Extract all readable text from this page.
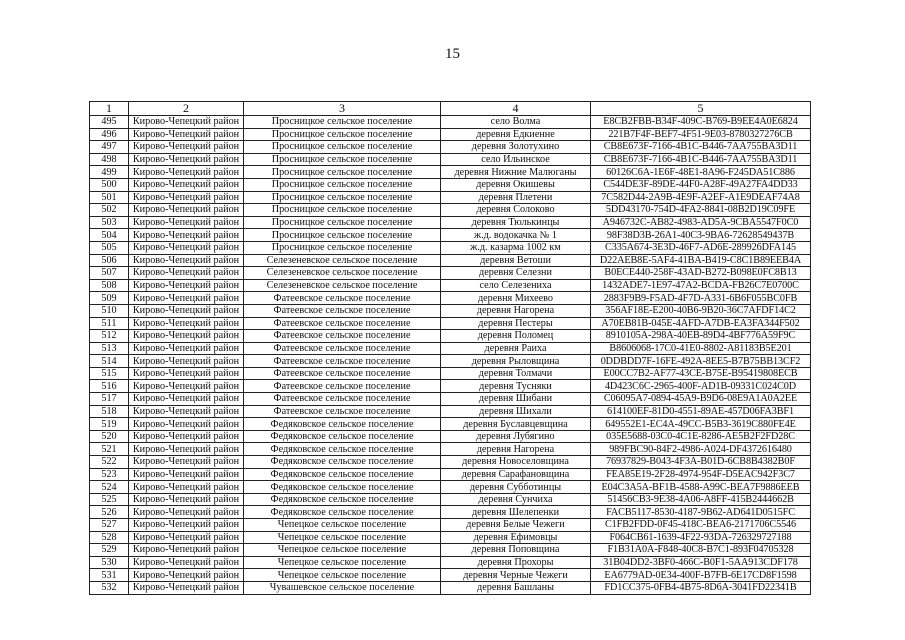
15
1	2	3	4	5
495	Кирово-Чепецкий район	Просницкое сельское поселение	село Волма	E8CB2FBB-B34F-409C-B769-B9EE4A0E6824
496	Кирово-Чепецкий район	Просницкое сельское поселение	деревня Едкиенне	221B7F4F-BEF7-4F51-9E03-8780327276CB
497	Кирово-Чепецкий район	Просницкое сельское поселение	деревня Золотухино	CB8E673F-7166-4B1C-B446-7AA755BA3D11
498	Кирово-Чепецкий район	Просницкое сельское поселение	село Ильинское	CB8E673F-7166-4B1C-B446-7AA755BA3D11
499	Кирово-Чепецкий район	Просницкое сельское поселение	деревня Нижние Малюганы	60126C6A-1E6F-48E1-8A96-F245DA51C886
500	Кирово-Чепецкий район	Просницкое сельское поселение	деревня Окишевы	C544DE3F-89DE-44F0-A28F-49A27FA4DD33
501	Кирово-Чепецкий район	Просницкое сельское поселение	деревня Плетени	7C582D44-2A9B-4E9F-A2EF-A1E9DEAF74A8
502	Кирово-Чепецкий район	Просницкое сельское поселение	деревня Солоково	5DD43170-754D-4FA2-8841-08B2D19C09FE
503	Кирово-Чепецкий район	Просницкое сельское поселение	деревня Тюлькинцы	A946732C-AB82-4983-AD5A-9CBA5547F0C0
504	Кирово-Чепецкий район	Просницкое сельское поселение	ж.д. водокачка № 1	98F38D3B-26A1-40C3-9BA6-72628549437B
505	Кирово-Чепецкий район	Просницкое сельское поселение	ж.д. казарма 1002 км	C335A674-3E3D-46F7-AD6E-289926DFA145
506	Кирово-Чепецкий район	Селезеневское сельское поселение	деревня Ветоши	D22AEB8E-5AF4-41BA-B419-C8C1B89EEB4A
507	Кирово-Чепецкий район	Селезеневское сельское поселение	деревня Селезни	B0ECE440-258F-43AD-B272-B098E0FC8B13
508	Кирово-Чепецкий район	Селезеневское сельское поселение	село Селезениха	1432ADE7-1E97-47A2-BCDA-FB26C7E0700C
509	Кирово-Чепецкий район	Фатеевское сельское поселение	деревня Михеево	2883F9B9-F5AD-4F7D-A331-6B6F055BC0FB
510	Кирово-Чепецкий район	Фатеевское сельское поселение	деревня Нагорена	356AF18E-E200-40B6-9B20-36C7AFDF14C2
511	Кирово-Чепецкий район	Фатеевское сельское поселение	деревня Пестеры	A70EB81B-045E-4AFD-A7DB-EA3FA344F502
512	Кирово-Чепецкий район	Фатеевское сельское поселение	деревня Поломец	8910105A-298A-40EB-89D4-4BF776A59F9C
513	Кирово-Чепецкий район	Фатеевское сельское поселение	деревня Раиха	B8606068-17C0-41E0-8802-A81183B5E201
514	Кирово-Чепецкий район	Фатеевское сельское поселение	деревня Рыловщина	0DDBDD7F-16FE-492A-8EE5-B7B75BB13CF2
515	Кирово-Чепецкий район	Фатеевское сельское поселение	деревня Толмачи	E00CC7B2-AF77-43CE-B75E-B95419808ECB
516	Кирово-Чепецкий район	Фатеевское сельское поселение	деревня Тусняки	4D423C6C-2965-400F-AD1B-09331C024C0D
517	Кирово-Чепецкий район	Фатеевское сельское поселение	деревня Шибани	C06095A7-0894-45A9-B9D6-08E9A1A0A2EE
518	Кирово-Чепецкий район	Фатеевское сельское поселение	деревня Шихали	614100EF-81D0-4551-89AE-457D06FA3BF1
519	Кирово-Чепецкий район	Федяковское сельское поселение	деревня Буславцевщина	649552E1-EC4A-49CC-B5B3-3619C880FE4E
520	Кирово-Чепецкий район	Федяковское сельское поселение	деревня Лубягино	035E5688-03C0-4C1E-8286-AE5B2F2FD28C
521	Кирово-Чепецкий район	Федяковское сельское поселение	деревня Нагорена	989FBC90-84F2-4986-A024-DF4372616480
522	Кирово-Чепецкий район	Федяковское сельское поселение	деревня Новоселовщина	76937829-B043-4F3A-B01D-6CB8B4382B0F
523	Кирово-Чепецкий район	Федяковское сельское поселение	деревня Сарафановщина	FEA85E19-2F28-4974-954F-D5EAC942F3C7
524	Кирово-Чепецкий район	Федяковское сельское поселение	деревня Субботинцы	E04C3A5A-BF1B-4588-A99C-BEA7F9886EEB
525	Кирово-Чепецкий район	Федяковское сельское поселение	деревня Сунчиха	51456CB3-9E38-4A06-A8FF-415B2444662B
526	Кирово-Чепецкий район	Федяковское сельское поселение	деревня Шелепенки	FACB5117-8530-4187-9B62-AD641D0515FC
527	Кирово-Чепецкий район	Чепецкое сельское поселение	деревня Белые Чежеги	C1FB2FDD-0F45-418C-BEA6-2171706C5546
528	Кирово-Чепецкий район	Чепецкое сельское поселение	деревня Ефимовцы	F064CB61-1639-4F22-93DA-726329727188
529	Кирово-Чепецкий район	Чепецкое сельское поселение	деревня Поповщина	F1B31A0A-F848-40C8-B7C1-893F04705328
530	Кирово-Чепецкий район	Чепецкое сельское поселение	деревня Прохоры	31B04DD2-3BF0-466C-B0F1-5AA913CDF178
531	Кирово-Чепецкий район	Чепецкое сельское поселение	деревня Черные Чежеги	EA6779AD-0E34-400F-B7FB-6E17CD8F1598
532	Кирово-Чепецкий район	Чувашевское сельское поселение	деревня Башланы	FD1CC375-0FB4-4B75-8D6A-3041FD22341B
